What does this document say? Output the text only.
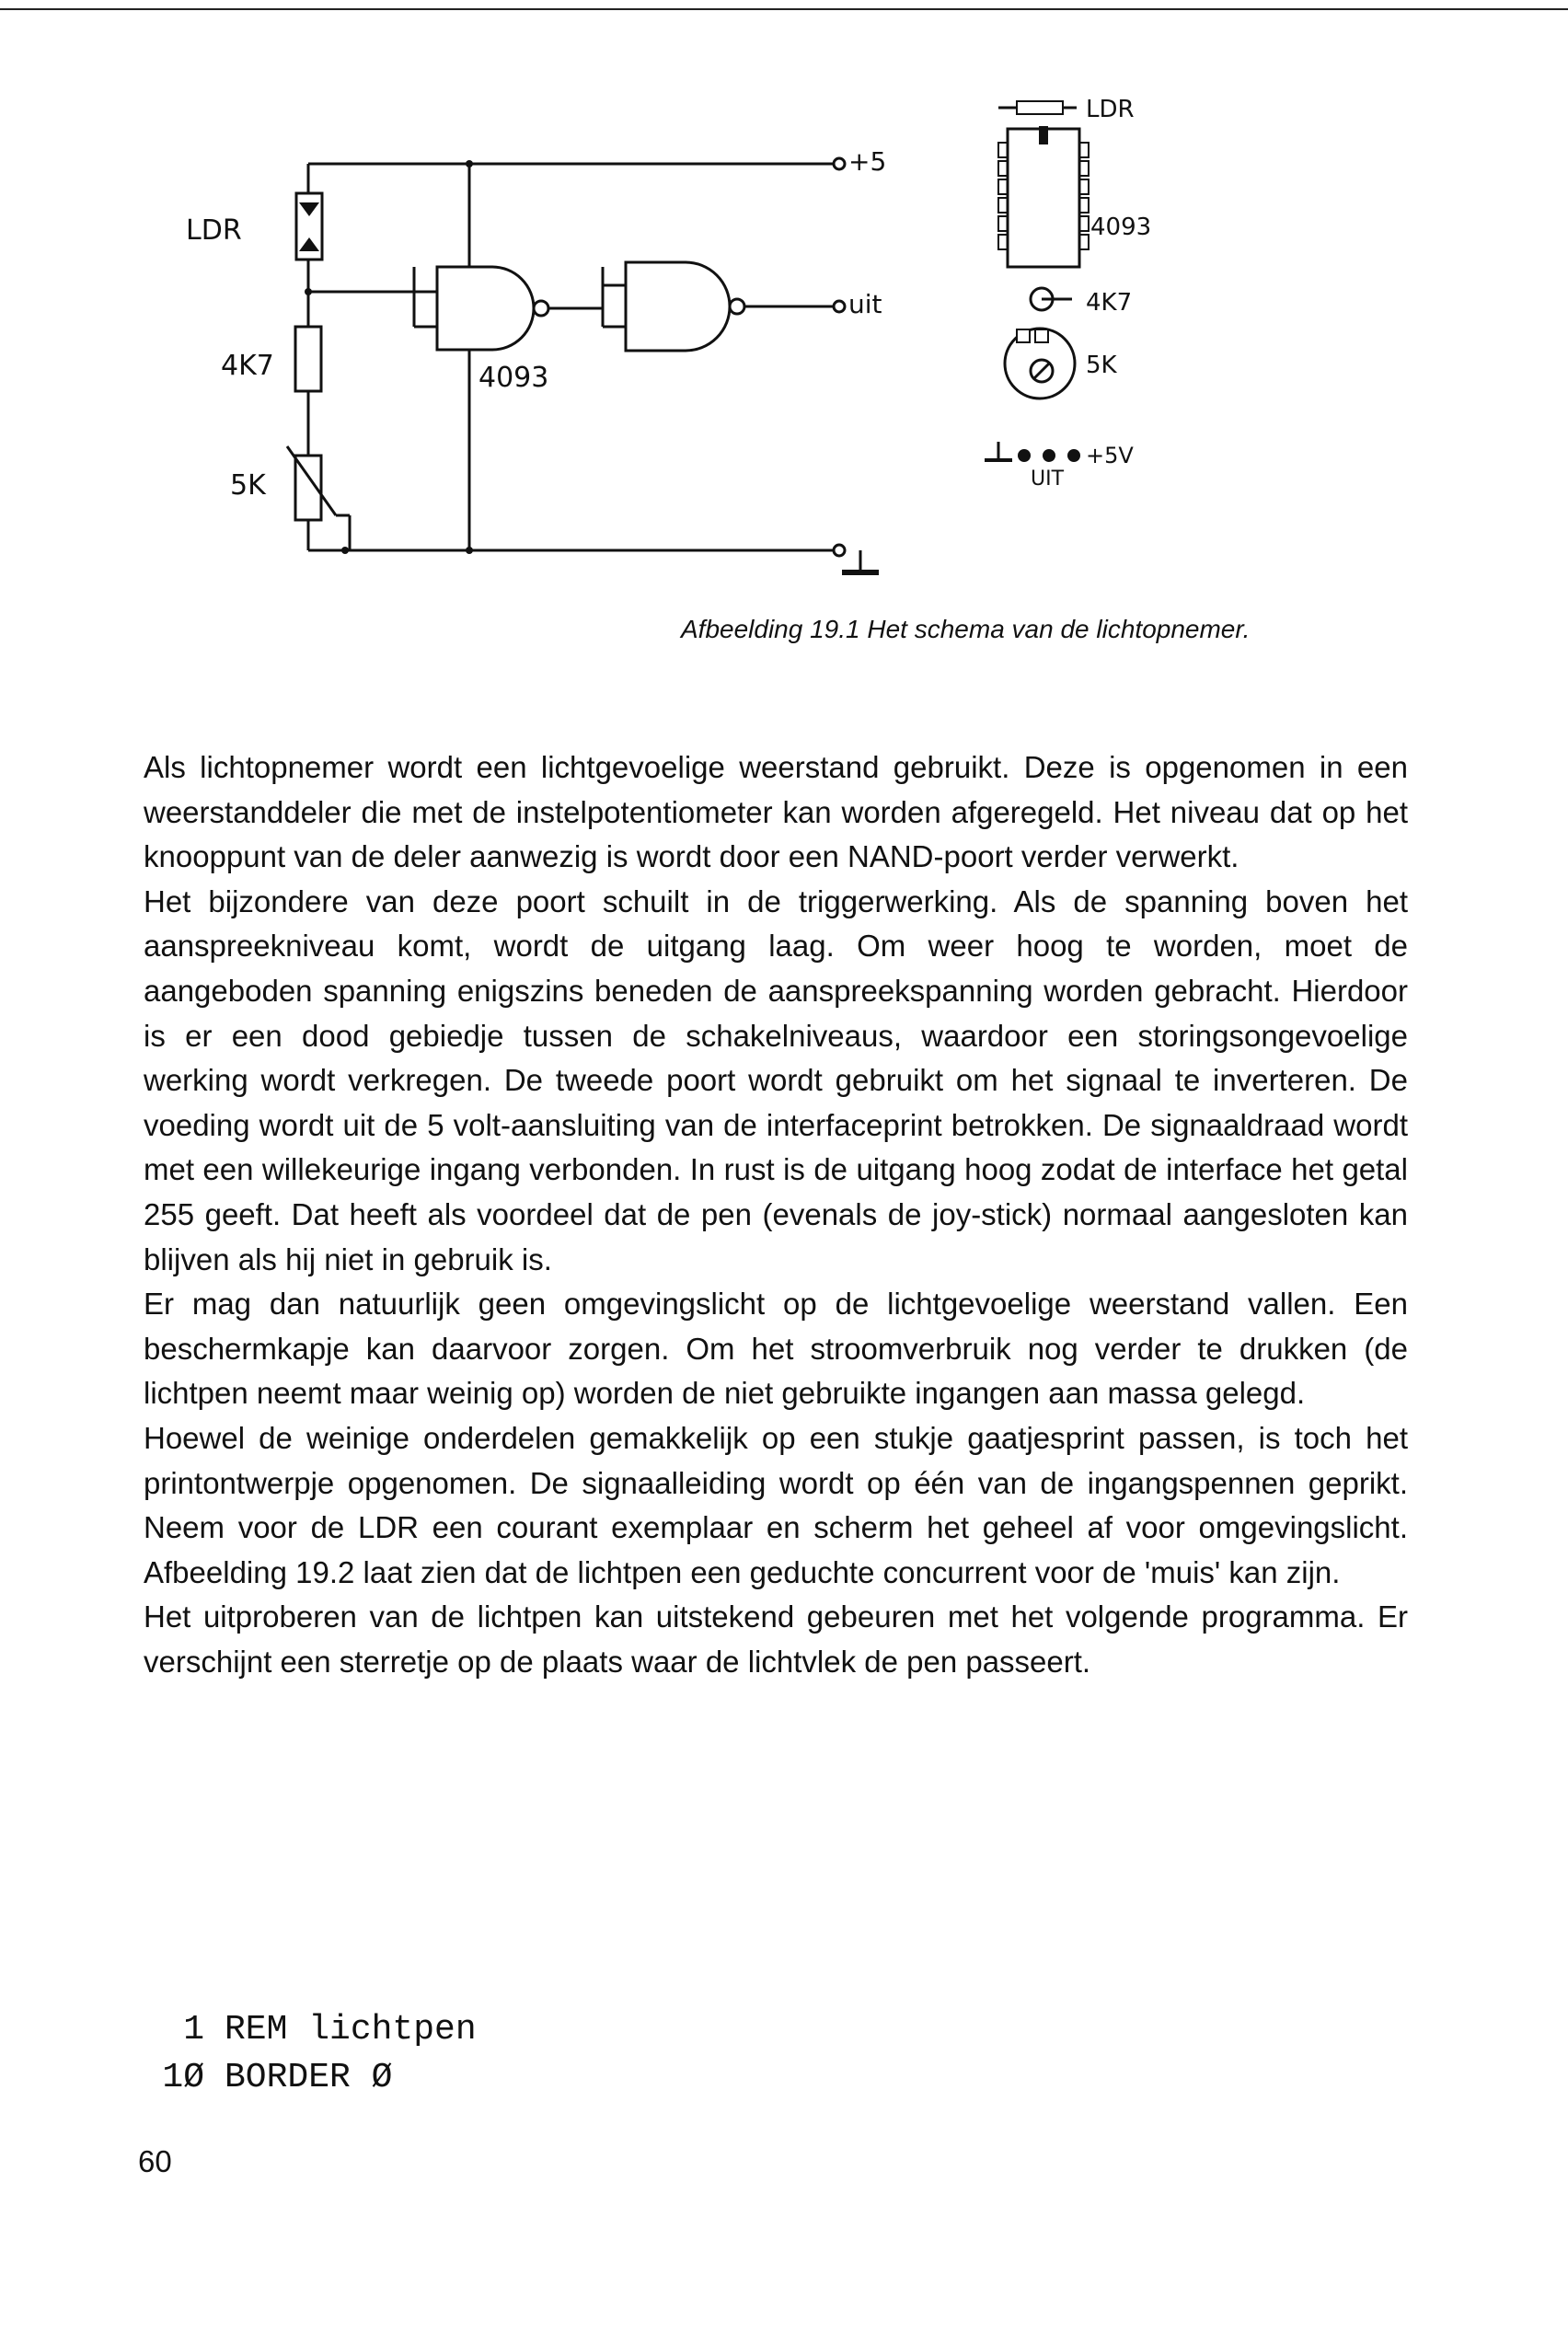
+5
LDR
4K7
5K
4093
uit
LDR
4093
4K7
5K
+5V
UIT

Afbeelding 19.1 Het schema van de lichtopnemer.

Als lichtopnemer wordt een lichtgevoelige weerstand gebruikt. Deze is opgenomen in een weerstanddeler die met de instelpotentiometer kan worden afgeregeld. Het niveau dat op het knooppunt van de deler aanwezig is wordt door een NAND-poort verder verwerkt.

Het bijzondere van deze poort schuilt in de triggerwerking. Als de spanning boven het aanspreekniveau komt, wordt de uitgang laag. Om weer hoog te worden, moet de aangeboden spanning enigszins beneden de aanspreekspanning worden gebracht. Hierdoor is er een dood gebiedje tussen de schakelniveaus, waardoor een storingsongevoelige werking wordt verkregen. De tweede poort wordt gebruikt om het signaal te inverteren. De voeding wordt uit de 5 volt-aansluiting van de interfaceprint betrokken. De signaaldraad wordt met een willekeurige ingang verbonden. In rust is de uitgang hoog zodat de interface het getal 255 geeft. Dat heeft als voordeel dat de pen (evenals de joy-stick) normaal aangesloten kan blijven als hij niet in gebruik is.

Er mag dan natuurlijk geen omgevingslicht op de lichtgevoelige weerstand vallen. Een beschermkapje kan daarvoor zorgen. Om het stroomverbruik nog verder te drukken (de lichtpen neemt maar weinig op) worden de niet gebruikte ingangen aan massa gelegd.

Hoewel de weinige onderdelen gemakkelijk op een stukje gaatjesprint passen, is toch het printontwerpje opgenomen. De signaalleiding wordt op één van de ingangspennen geprikt. Neem voor de LDR een courant exemplaar en scherm het geheel af voor omgevingslicht. Afbeelding 19.2 laat zien dat de lichtpen een geduchte concurrent voor de 'muis' kan zijn.

Het uitproberen van de lichtpen kan uitstekend gebeuren met het volgende programma. Er verschijnt een sterretje op de plaats waar de lichtvlek de pen passeert.

1 REM lichtpen
1Ø BORDER Ø
60
